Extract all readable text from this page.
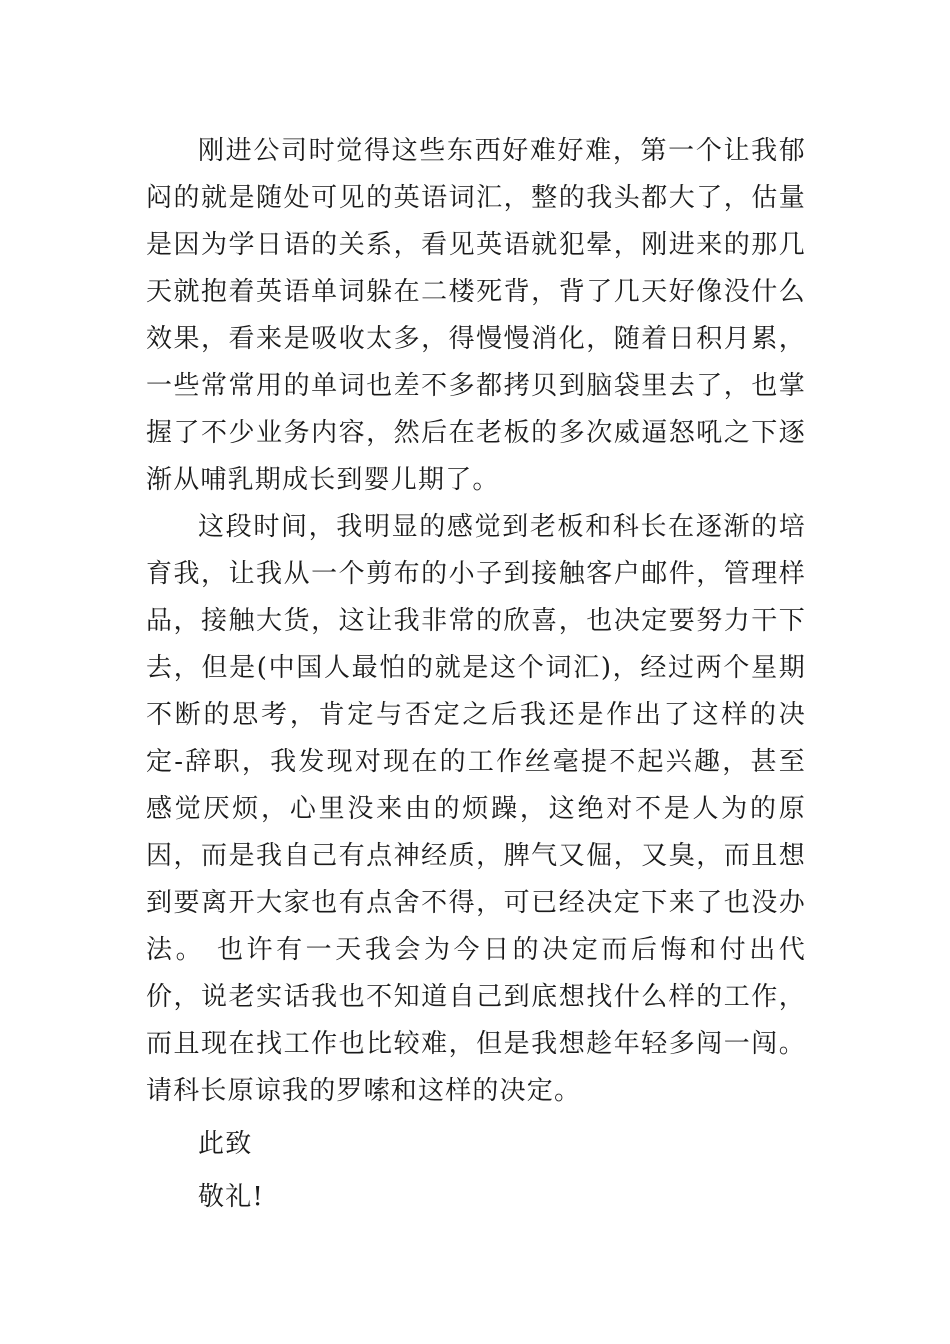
刚进公司时觉得这些东西好难好难，第一个让我郁闷的就是随处可见的英语词汇，整的我头都大了，估量是因为学日语的关系，看见英语就犯晕，刚进来的那几天就抱着英语单词躲在二楼死背，背了几天好像没什么效果，看来是吸收太多，得慢慢消化，随着日积月累，一些常常用的单词也差不多都拷贝到脑袋里去了，也掌握了不少业务内容，然后在老板的多次威逼怒吼之下逐渐从哺乳期成长到婴儿期了。

这段时间，我明显的感觉到老板和科长在逐渐的培育我，让我从一个剪布的小子到接触客户邮件，管理样品，接触大货，这让我非常的欣喜，也决定要努力干下去，但是(中国人最怕的就是这个词汇)，经过两个星期不断的思考，肯定与否定之后我还是作出了这样的决定-辞职，我发现对现在的工作丝毫提不起兴趣，甚至感觉厌烦，心里没来由的烦躁，这绝对不是人为的原因，而是我自己有点神经质，脾气又倔，又臭，而且想到要离开大家也有点舍不得，可已经决定下来了也没办法。 也许有一天我会为今日的决定而后悔和付出代价，说老实话我也不知道自己到底想找什么样的工作，而且现在找工作也比较难，但是我想趁年轻多闯一闯。 请科长原谅我的罗嗦和这样的决定。

此致

敬礼!
